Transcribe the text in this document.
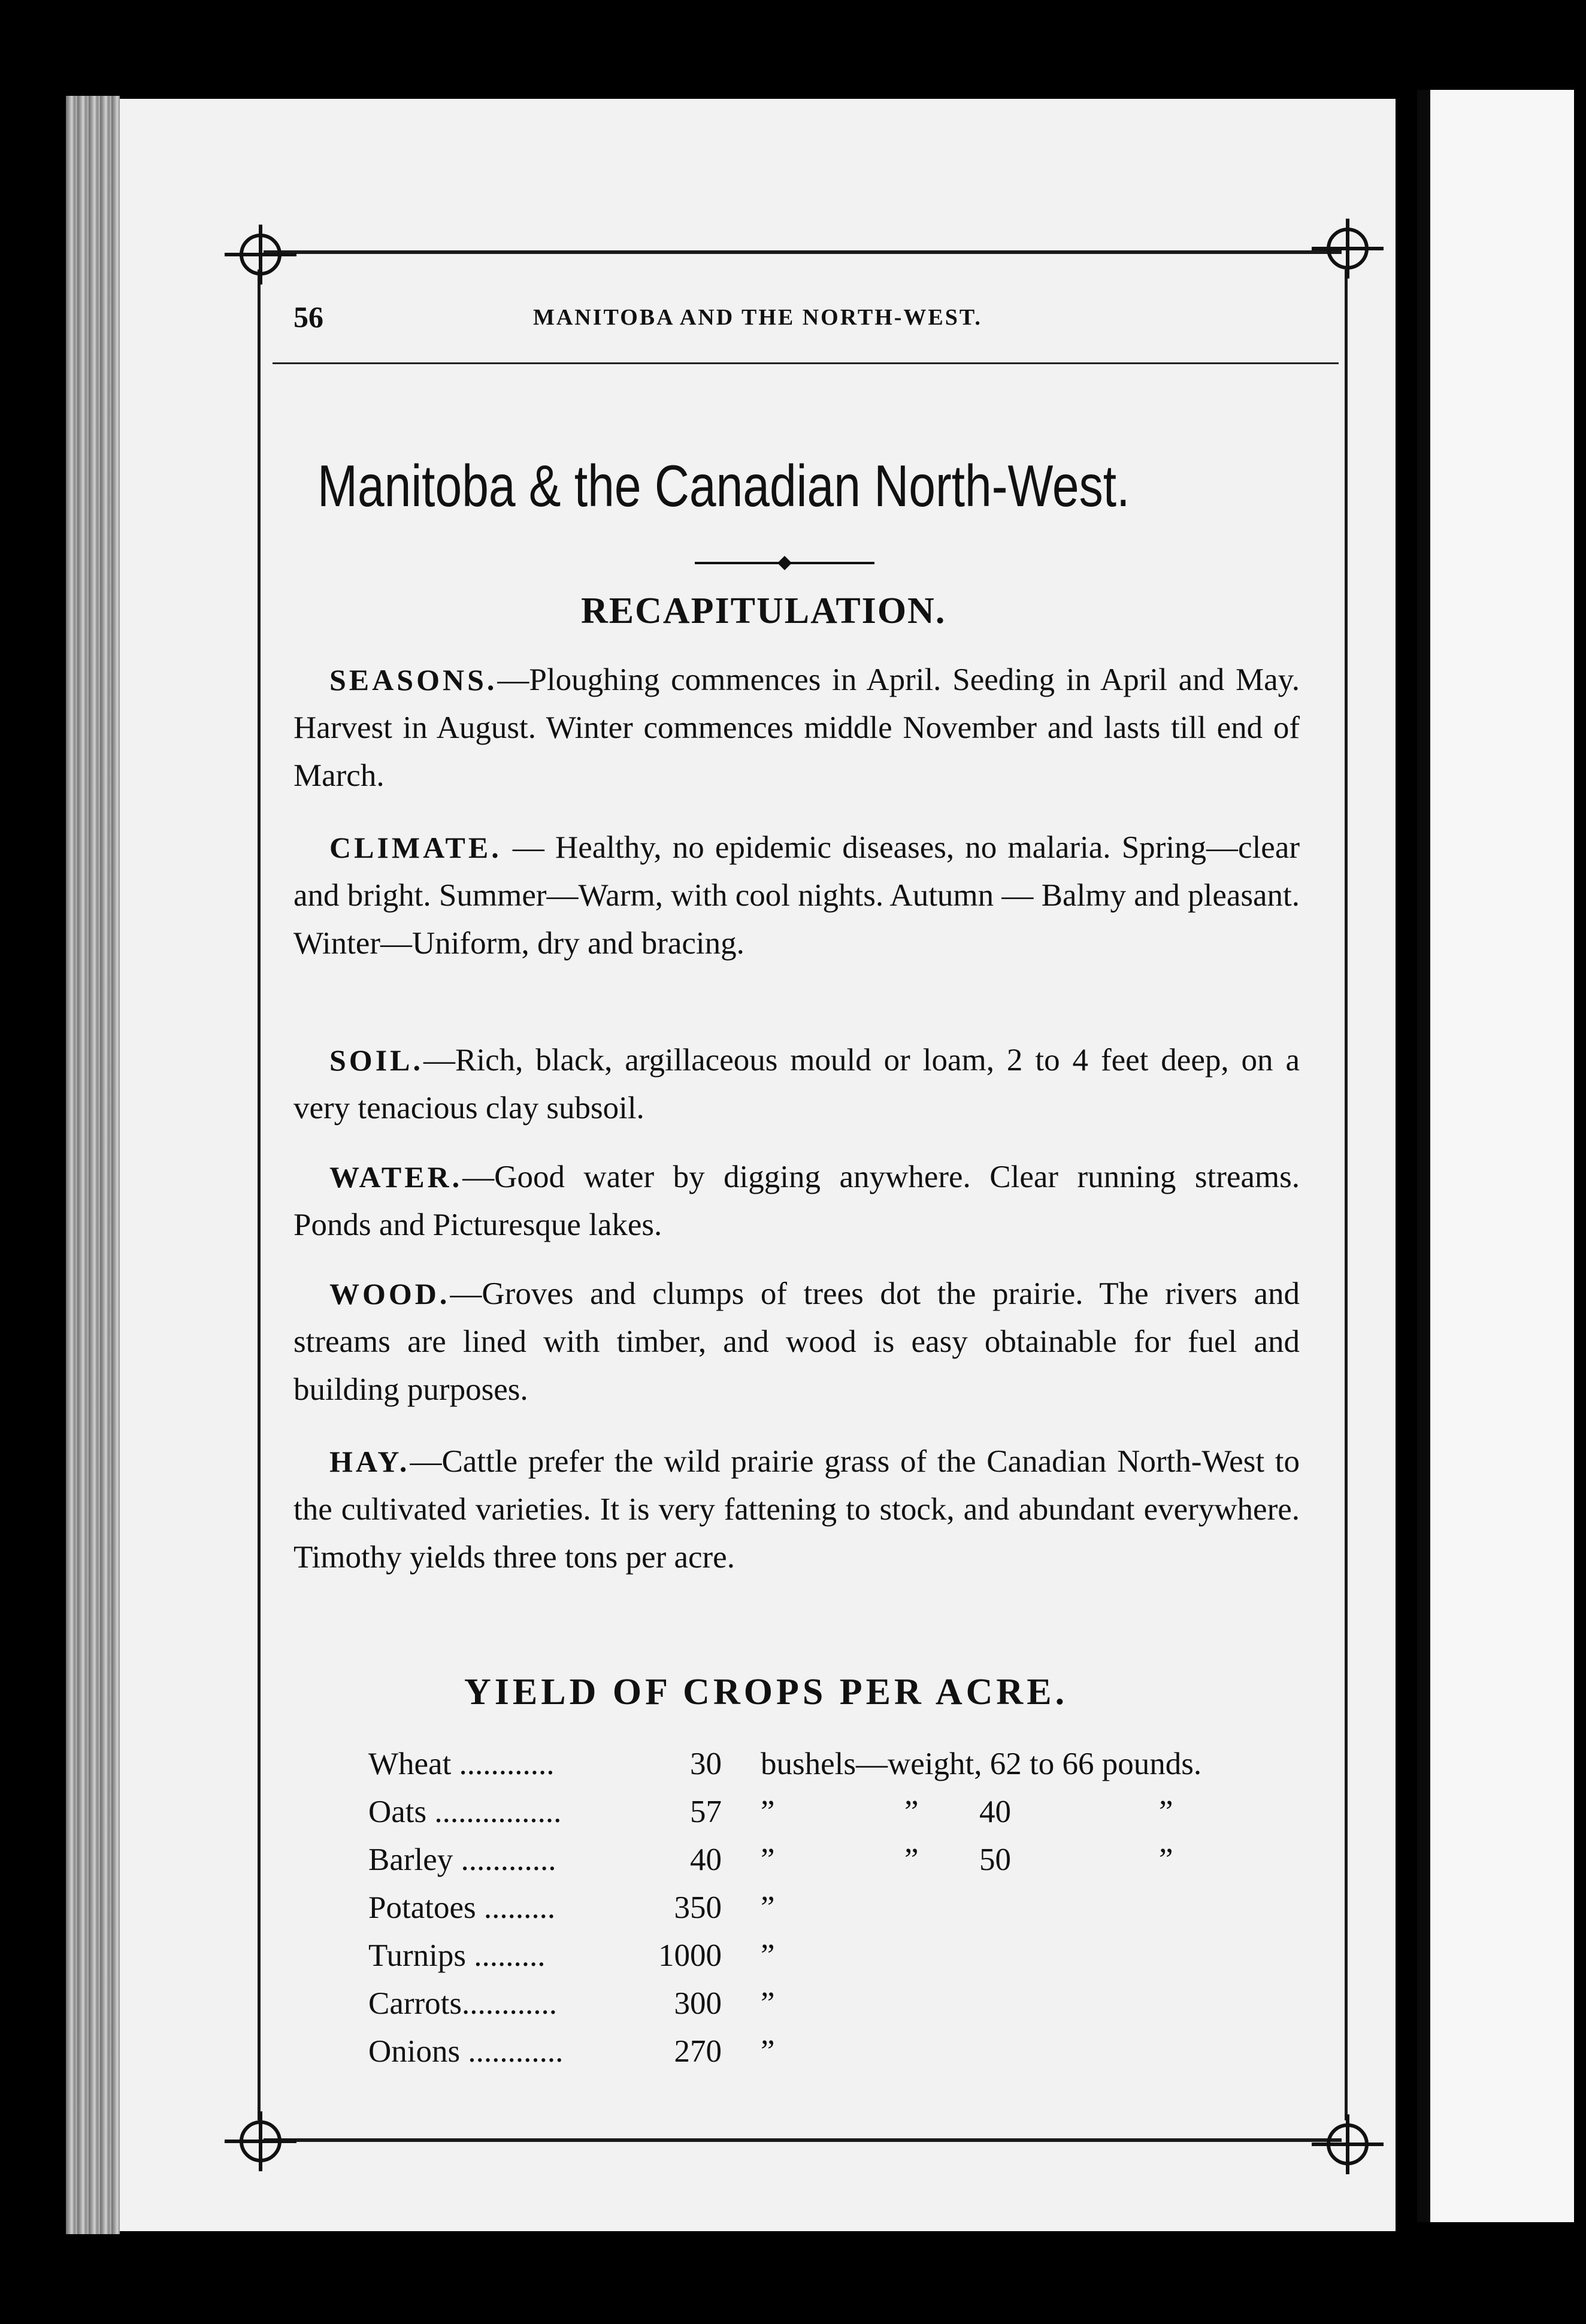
56	MANITOBA AND THE NORTH-WEST.
Manitoba & the Canadian North-West.
RECAPITULATION.
SEASONS.—Ploughing commences in April. Seeding in April and May. Harvest in August. Winter commences middle November and lasts till end of March.
CLIMATE. — Healthy, no epidemic diseases, no malaria. Spring—clear and bright. Summer—Warm, with cool nights. Autumn — Balmy and pleasant. Winter—Uniform, dry and bracing.
SOIL.—Rich, black, argillaceous mould or loam, 2 to 4 feet deep, on a very tenacious clay subsoil.
WATER.—Good water by digging anywhere. Clear running streams. Ponds and Picturesque lakes.
WOOD.—Groves and clumps of trees dot the prairie. The rivers and streams are lined with timber, and wood is easy obtainable for fuel and building purposes.
HAY.—Cattle prefer the wild prairie grass of the Canadian North-West to the cultivated varieties. It is very fattening to stock, and abundant everywhere. Timothy yields three tons per acre.
YIELD OF CROPS PER ACRE.
Wheat ............	30 bushels—weight, 62 to 66 pounds.
Oats ................	57 ”	” 40	”
Barley ............	40 ”	” 50	”
Potatoes .........	350 ”
Turnips .........	1000 ”
Carrots............	300 ”
Onions ............	270 ”
